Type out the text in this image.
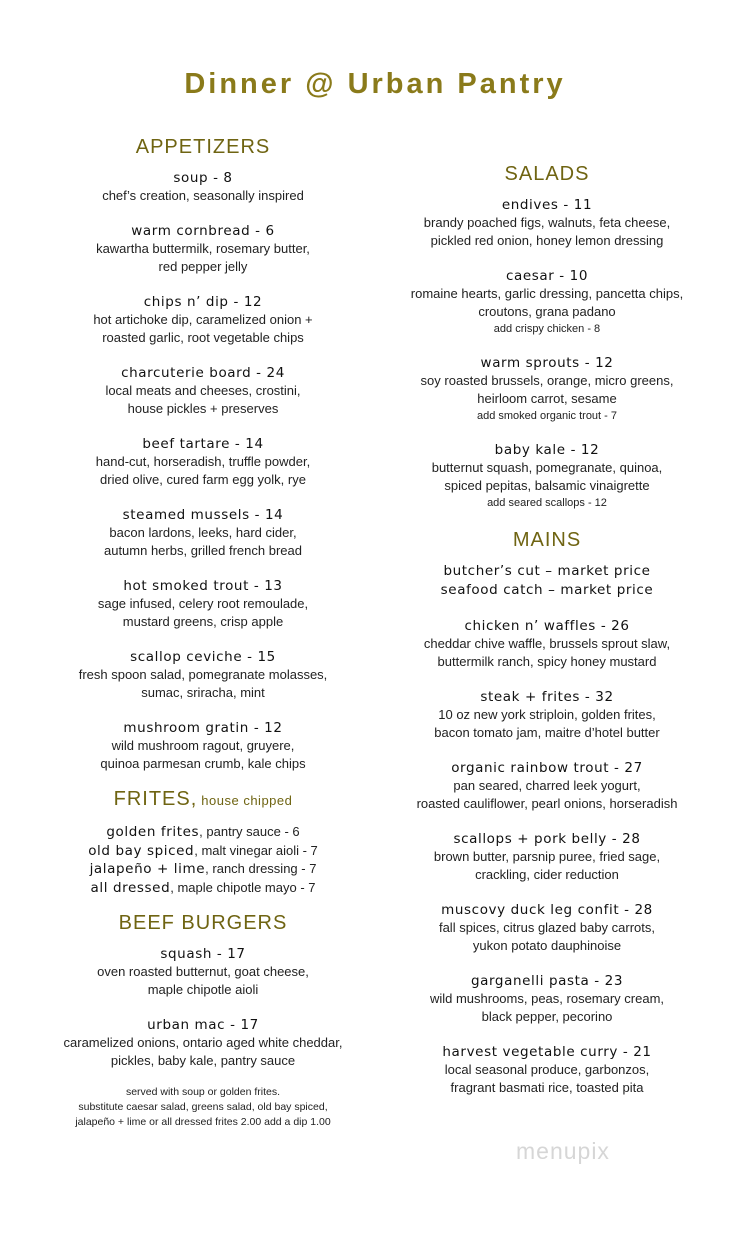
Dinner @ Urban Pantry
APPETIZERS
soup - 8
chef’s creation, seasonally inspired
warm cornbread - 6
kawartha buttermilk, rosemary butter,
red pepper jelly
chips n’ dip - 12
hot artichoke dip, caramelized onion +
roasted garlic, root vegetable chips
charcuterie board - 24
local meats and cheeses, crostini,
house pickles + preserves
beef tartare - 14
hand-cut, horseradish, truffle powder,
dried olive, cured farm egg yolk, rye
steamed mussels - 14
bacon lardons, leeks, hard cider,
autumn herbs, grilled french bread
hot smoked trout - 13
sage infused, celery root remoulade,
mustard greens, crisp apple
scallop ceviche - 15
fresh spoon salad, pomegranate molasses,
sumac, sriracha, mint
mushroom gratin - 12
wild mushroom ragout, gruyere,
quinoa parmesan crumb, kale chips
FRITES, house chipped
golden frites, pantry sauce - 6
old bay spiced, malt vinegar aioli - 7
jalapeño + lime, ranch dressing - 7
all dressed, maple chipotle mayo - 7
BEEF BURGERS
squash - 17
oven roasted butternut, goat cheese,
maple chipotle aioli
urban mac - 17
caramelized onions, ontario aged white cheddar,
pickles, baby kale, pantry sauce
served with soup or golden frites.
substitute caesar salad, greens salad, old bay spiced,
jalapeño + lime or all dressed frites 2.00 add a dip 1.00
SALADS
endives - 11
brandy poached figs, walnuts, feta cheese,
pickled red onion, honey lemon dressing
caesar - 10
romaine hearts, garlic dressing, pancetta chips,
croutons, grana padano
add crispy chicken - 8
warm sprouts - 12
soy roasted brussels, orange, micro greens,
heirloom carrot, sesame
add smoked organic trout - 7
baby kale - 12
butternut squash, pomegranate, quinoa,
spiced pepitas, balsamic vinaigrette
add seared scallops - 12
MAINS
butcher’s cut – market price
seafood catch – market price
chicken n’ waffles - 26
cheddar chive waffle, brussels sprout slaw,
buttermilk ranch, spicy honey mustard
steak + frites - 32
10 oz new york striploin, golden frites,
bacon tomato jam, maitre d’hotel butter
organic rainbow trout - 27
pan seared, charred leek yogurt,
roasted cauliflower, pearl onions, horseradish
scallops + pork belly - 28
brown butter, parsnip puree, fried sage,
crackling, cider reduction
muscovy duck leg confit - 28
fall spices, citrus glazed baby carrots,
yukon potato dauphinoise
garganelli pasta - 23
wild mushrooms, peas, rosemary cream,
black pepper, pecorino
harvest vegetable curry - 21
local seasonal produce, garbonzos,
fragrant basmati rice, toasted pita
menupix
